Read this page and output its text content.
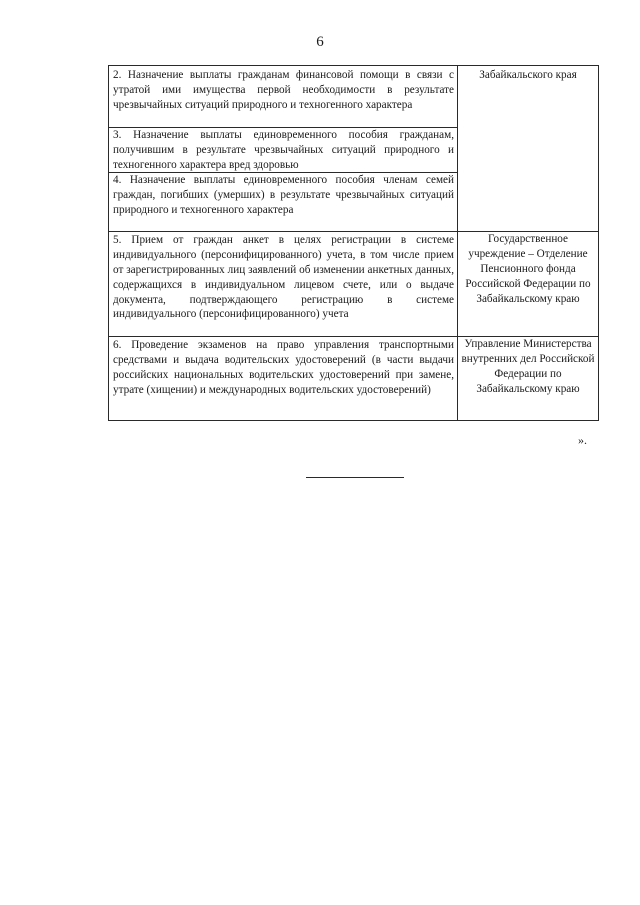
6
2. Назначение выплаты гражданам финансовой помощи в связи с утратой ими имущества первой необходимости в результате чрезвычайных ситуаций природного и техногенного характера	Забайкальского края
3. Назначение выплаты единовременного пособия гражданам, получившим в результате чрезвычайных ситуаций природного и техногенного характера вред здоровью	
4. Назначение выплаты единовременного пособия членам семей граждан, погибших (умерших) в результате чрезвычайных ситуаций природного и техногенного характера	
5. Прием от граждан анкет в целях регистрации в системе индивидуального (персонифицированного) учета, в том числе прием от зарегистрированных лиц заявлений об изменении анкетных данных, содержащихся в индивидуальном лицевом счете, или о выдаче документа, подтверждающего регистрацию в системе индивидуального (персонифицированного) учета	Государственное учреждение – Отделение Пенсионного фонда Российской Федерации по Забайкальскому краю
6. Проведение экзаменов на право управления транспортными средствами и выдача водительских удостоверений (в части выдачи российских национальных водительских удостоверений при замене, утрате (хищении) и международных водительских удостоверений)	Управление Министерства внутренних дел Российской Федерации по Забайкальскому краю
».
